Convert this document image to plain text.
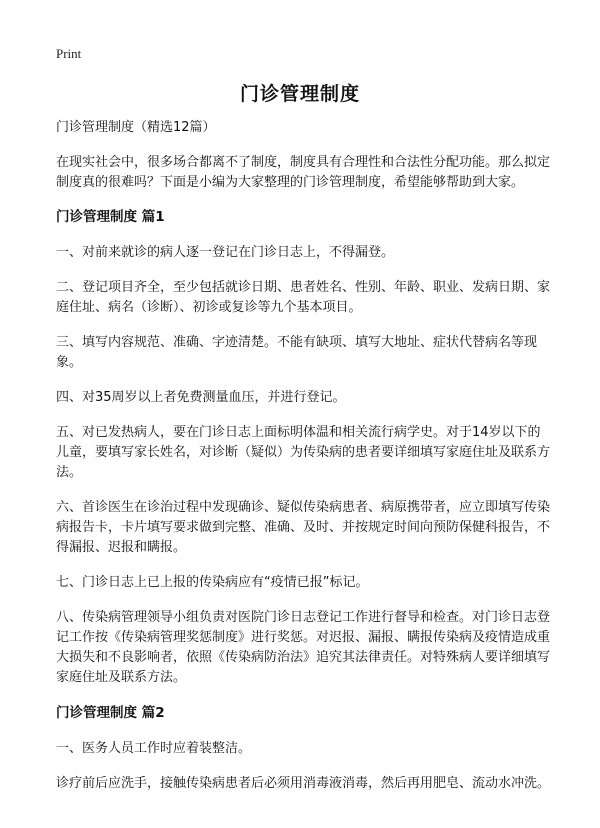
Print
门诊管理制度

门诊管理制度（精选12篇）

在现实社会中，很多场合都离不了制度，制度具有合理性和合法性分配功能。那么拟定制度真的很难吗？下面是小编为大家整理的门诊管理制度，希望能够帮助到大家。

门诊管理制度 篇1

一、对前来就诊的病人逐一登记在门诊日志上，不得漏登。

二、登记项目齐全，至少包括就诊日期、患者姓名、性别、年龄、职业、发病日期、家庭住址、病名（诊断）、初诊或复诊等九个基本项目。

三、填写内容规范、准确、字迹清楚。不能有缺项、填写大地址、症状代替病名等现象。

四、对35周岁以上者免费测量血压，并进行登记。

五、对已发热病人，要在门诊日志上面标明体温和相关流行病学史。对于14岁以下的儿童，要填写家长姓名，对诊断（疑似）为传染病的患者要详细填写家庭住址及联系方法。

六、首诊医生在诊治过程中发现确诊、疑似传染病患者、病原携带者，应立即填写传染病报告卡，卡片填写要求做到完整、准确、及时、并按规定时间向预防保健科报告，不得漏报、迟报和瞒报。

七、门诊日志上已上报的传染病应有“疫情已报”标记。

八、传染病管理领导小组负责对医院门诊日志登记工作进行督导和检查。对门诊日志登记工作按《传染病管理奖惩制度》进行奖惩。对迟报、漏报、瞒报传染病及疫情造成重大损失和不良影响者，依照《传染病防治法》追究其法律责任。对特殊病人要详细填写家庭住址及联系方法。

门诊管理制度 篇2

一、医务人员工作时应着装整洁。

诊疗前后应洗手，接触传染病患者后必须用消毒液消毒，然后再用肥皂、流动水冲洗。
